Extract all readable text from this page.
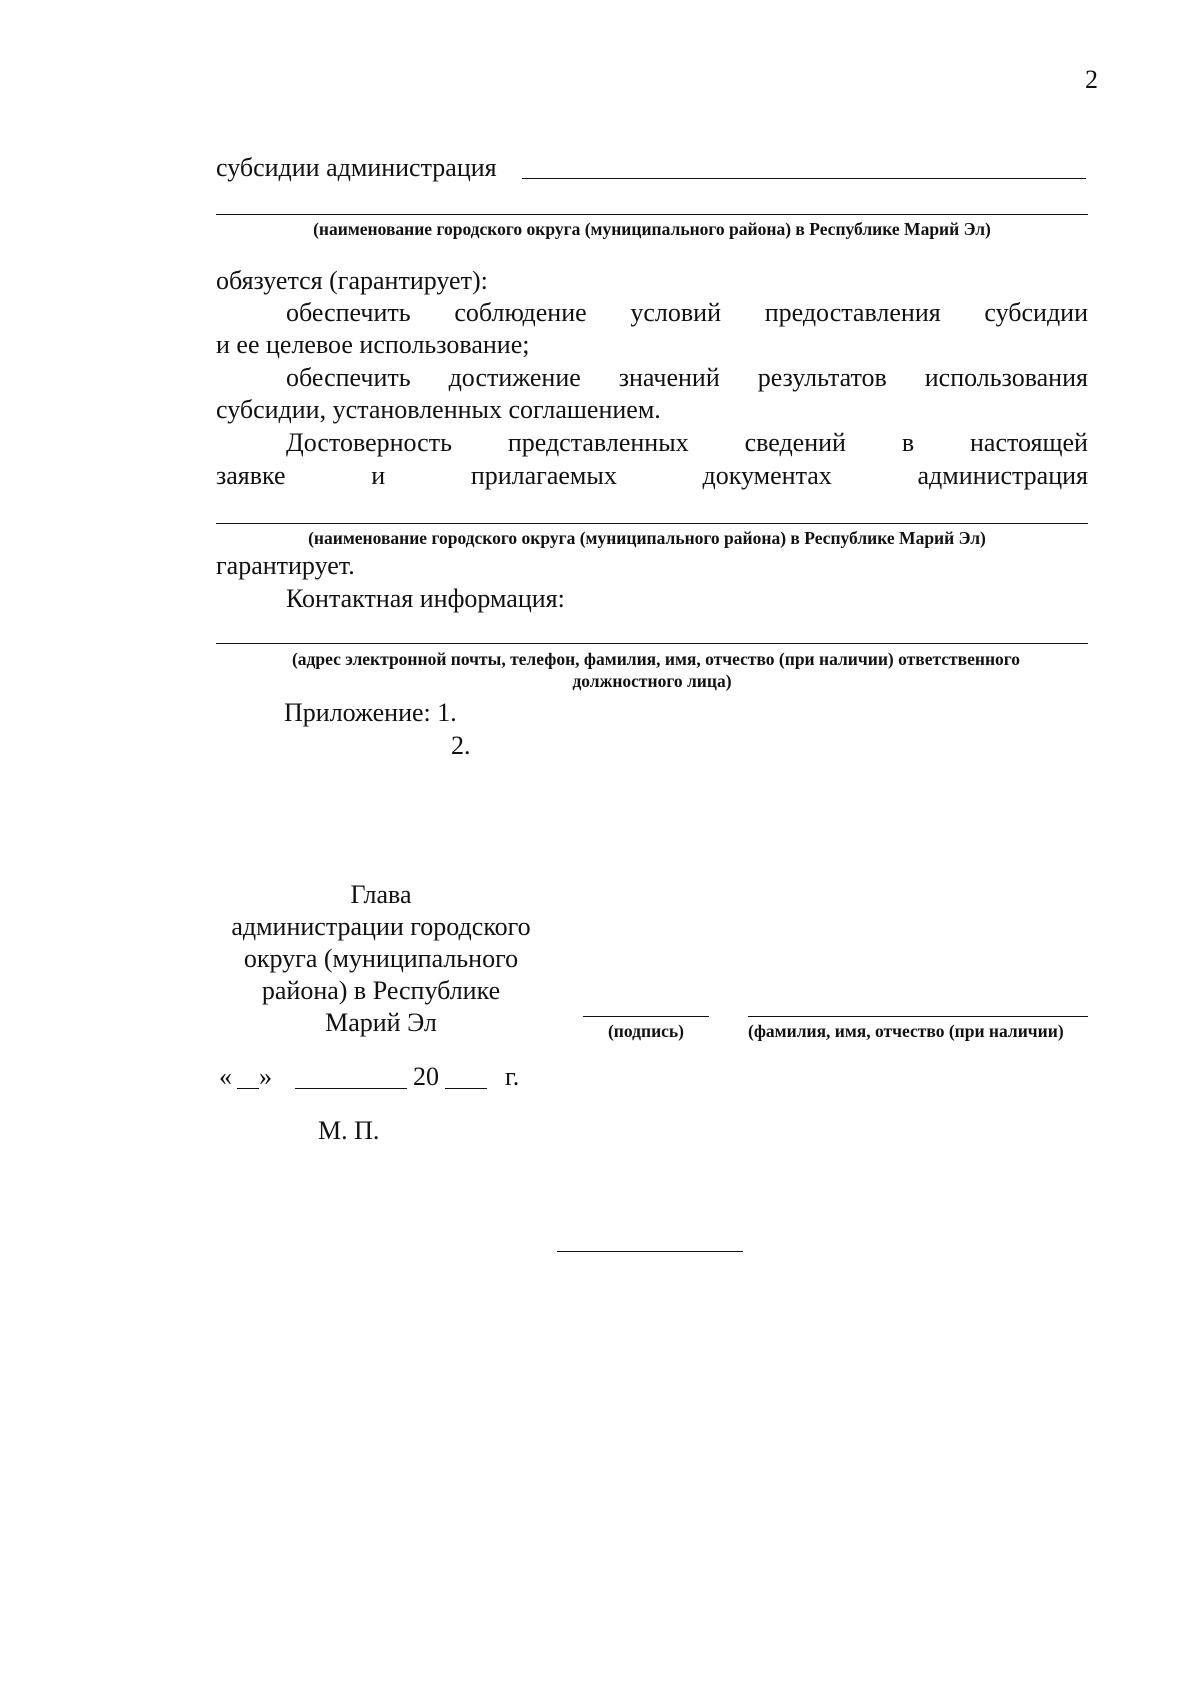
2
субсидии администрация
(наименование городского округа (муниципального района) в Республике Марий Эл)
обязуется (гарантирует):
обеспечить соблюдение условий предоставления субсидии
и ее целевое использование;
обеспечить достижение значений результатов использования
субсидии, установленных соглашением.
Достоверность представленных сведений в настоящей
заявке	и	прилагаемых	документах	администрация
(наименование городского округа (муниципального района) в Республике Марий Эл)
гарантирует.
Контактная информация:
(адрес электронной почты, телефон, фамилия, имя, отчество (при наличии) ответственного
должностного лица)
Приложение: 1.
2.
Глава
администрации городского
округа (муниципального
района) в Республике
Марий Эл	(подпись)	(фамилия, имя, отчество (при наличии)
« »	20	г.
М. П.
